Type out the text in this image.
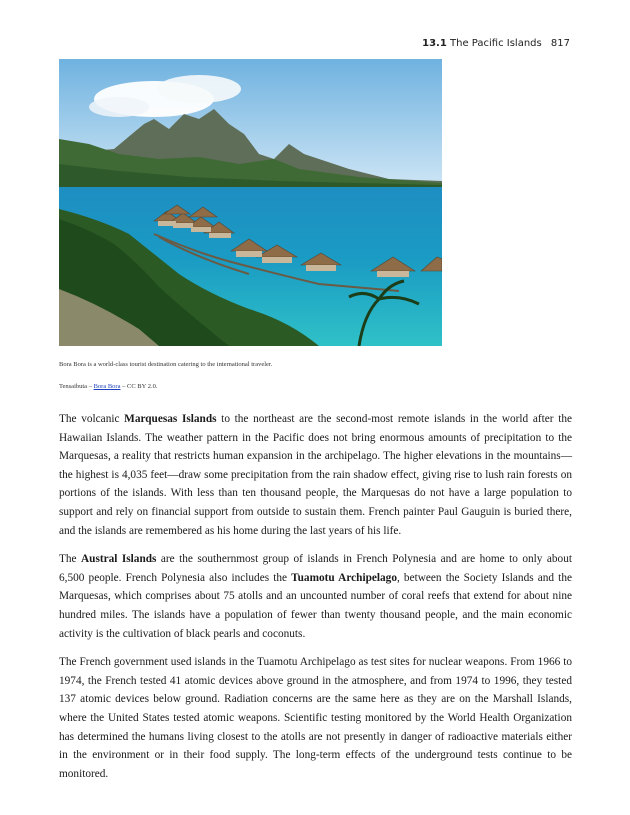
13.1 The Pacific Islands 817
Bora Bora is a world-class tourist destination catering to the international traveler.
Tensaibuta – Bora Bora – CC BY 2.0.

The volcanic Marquesas Islands to the northeast are the second-most remote islands in the world after the Hawaiian Islands. The weather pattern in the Pacific does not bring enormous amounts of precipitation to the Marquesas, a reality that restricts human expansion in the archipelago. The higher elevations in the mountains—the highest is 4,035 feet—draw some precipitation from the rain shadow effect, giving rise to lush rain forests on portions of the islands. With less than ten thousand people, the Marquesas do not have a large population to support and rely on financial support from outside to sustain them. French painter Paul Gauguin is buried there, and the islands are remembered as his home during the last years of his life.

The Austral Islands are the southernmost group of islands in French Polynesia and are home to only about 6,500 people. French Polynesia also includes the Tuamotu Archipelago, between the Society Islands and the Marquesas, which comprises about 75 atolls and an uncounted number of coral reefs that extend for about nine hundred miles. The islands have a population of fewer than twenty thousand people, and the main economic activity is the cultivation of black pearls and coconuts.

The French government used islands in the Tuamotu Archipelago as test sites for nuclear weapons. From 1966 to 1974, the French tested 41 atomic devices above ground in the atmosphere, and from 1974 to 1996, they tested 137 atomic devices below ground. Radiation concerns are the same here as they are on the Marshall Islands, where the United States tested atomic weapons. Scientific testing monitored by the World Health Organization has determined the humans living closest to the atolls are not presently in danger of radioactive materials either in the environment or in their food supply. The long-term effects of the underground tests continue to be monitored.
